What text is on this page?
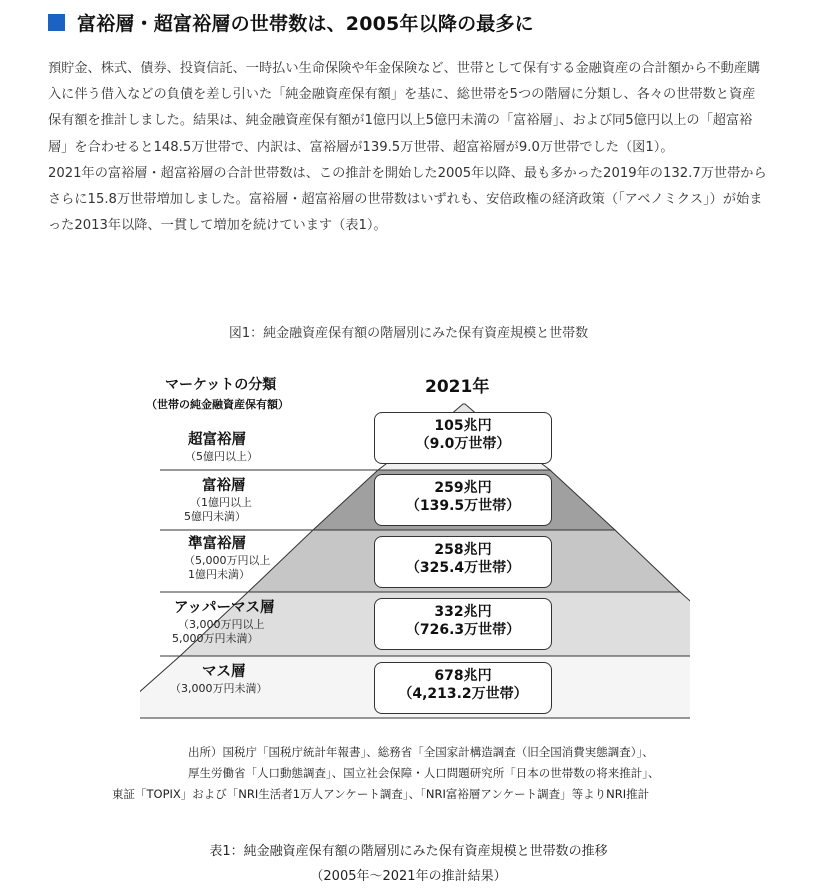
富裕層・超富裕層の世帯数は、2005年以降の最多に

預貯金、株式、債券、投資信託、一時払い生命保険や年金保険など、世帯として保有する金融資産の合計額から不動産購入に伴う借入などの負債を差し引いた「純金融資産保有額」を基に、総世帯を5つの階層に分類し、各々の世帯数と資産保有額を推計しました。結果は、純金融資産保有額が1億円以上5億円未満の「富裕層」、および同5億円以上の「超富裕層」を合わせると148.5万世帯で、内訳は、富裕層が139.5万世帯、超富裕層が9.0万世帯でした（図1）。

2021年の富裕層・超富裕層の合計世帯数は、この推計を開始した2005年以降、最も多かった2019年の132.7万世帯からさらに15.8万世帯増加しました。富裕層・超富裕層の世帯数はいずれも、安倍政権の経済政策（「アベノミクス」）が始まった2013年以降、一貫して増加を続けています（表1）。

図1：純金融資産保有額の階層別にみた保有資産規模と世帯数
マーケットの分類
（世帯の純金融資産保有額）
2021年
超富裕層
（5億円以上）
105兆円
（9.0万世帯）
富裕層
（1億円以上
5億円未満）
259兆円
（139.5万世帯）
準富裕層
（5,000万円以上
1億円未満）
258兆円
（325.4万世帯）
アッパーマス層
（3,000万円以上
5,000万円未満）
332兆円
（726.3万世帯）
マス層
（3,000万円未満）
678兆円
（4,213.2万世帯）
出所）国税庁「国税庁統計年報書」、総務省「全国家計構造調査（旧全国消費実態調査）」、
厚生労働省「人口動態調査」、国立社会保障・人口問題研究所「日本の世帯数の将来推計」、
東証「TOPIX」および「NRI生活者1万人アンケート調査」、「NRI富裕層アンケート調査」等よりNRI推計
表1：純金融資産保有額の階層別にみた保有資産規模と世帯数の推移
（2005年～2021年の推計結果）
